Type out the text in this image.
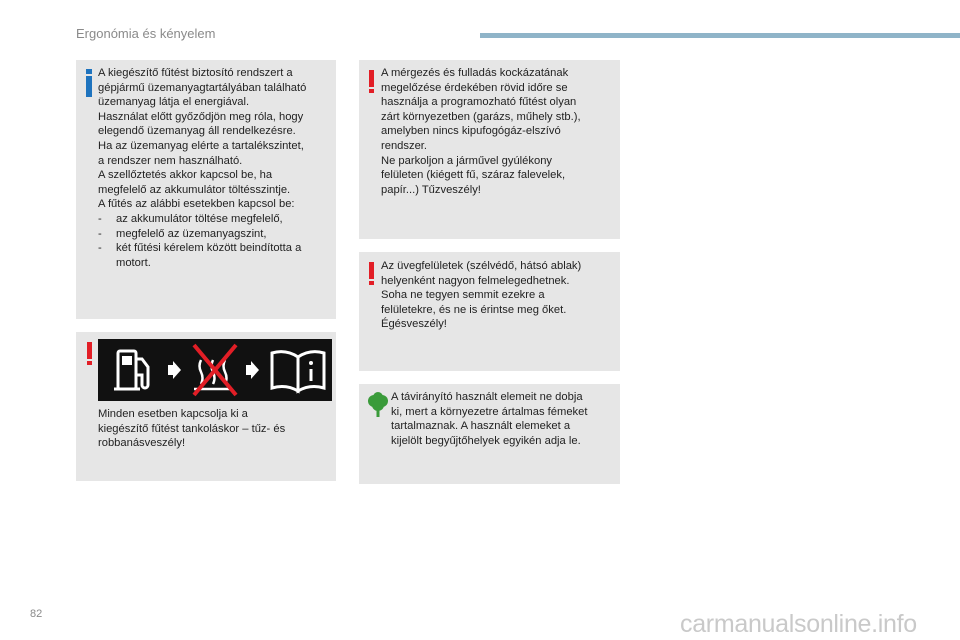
Ergonómia és kényelem
A kiegészítő fűtést biztosító rendszert a
gépjármű üzemanyagtartályában található
üzemanyag látja el energiával.
Használat előtt győződjön meg róla, hogy
elegendő üzemanyag áll rendelkezésre.
Ha az üzemanyag elérte a tartalékszintet,
a rendszer nem használható.
A szellőztetés akkor kapcsol be, ha
megfelelő az akkumulátor töltésszintje.
A fűtés az alábbi esetekben kapcsol be:
- az akkumulátor töltése megfelelő,
- megfelelő az üzemanyagszint,
- két fűtési kérelem között beindította a
motort.
Minden esetben kapcsolja ki a
kiegészítő fűtést tankoláskor – tűz- és
robbanásveszély!
A mérgezés és fulladás kockázatának
megelőzése érdekében rövid időre se
használja a programozható fűtést olyan
zárt környezetben (garázs, műhely stb.),
amelyben nincs kipufogógáz-elszívó
rendszer.
Ne parkoljon a járművel gyúlékony
felületen (kiégett fű, száraz falevelek,
papír...) Tűzveszély!
Az üvegfelületek (szélvédő, hátsó ablak)
helyenként nagyon felmelegedhetnek.
Soha ne tegyen semmit ezekre a
felületekre, és ne is érintse meg őket.
Égésveszély!
A távirányító használt elemeit ne dobja
ki, mert a környezetre ártalmas fémeket
tartalmaznak. A használt elemeket a
kijelölt begyűjtőhelyek egyikén adja le.
82	carmanualsonline.info
